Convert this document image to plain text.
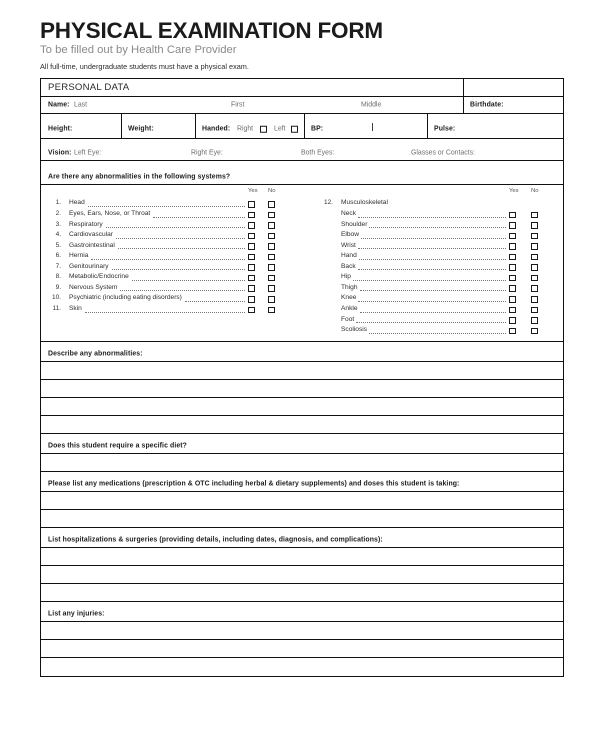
PHYSICAL EXAMINATION FORM
To be filled out by Health Care Provider
All full-time, undergraduate students must have a physical exam.
PERSONAL DATA
Name: Last	First	Middle	Birthdate:
Height:	Weight:	Handed: Right	Left	BP:	Pulse:
Vision: Left Eye:	Right Eye:	Both Eyes:	Glasses or Contacts:
Are there any abnormalities in the following systems?
Yes No
1. Head
2. Eyes, Ears, Nose, or Throat
3. Respiratory
4. Cardiovascular
5. Gastrointestinal
6. Hernia
7. Genitourinary
8. Metabolic/Endocrine
9. Nervous System
10. Psychiatric (including eating disorders)
11. Skin
Yes No
12. Musculoskeletal
Neck
Shoulder
Elbow
Wrist
Hand
Back
Hip
Thigh
Knee
Ankle
Foot
Scoliosis
Describe any abnormalities:
Does this student require a specific diet?
Please list any medications (prescription & OTC including herbal & dietary supplements) and doses this student is taking:
List hospitalizations & surgeries (providing details, including dates, diagnosis, and complications):
List any injuries:
